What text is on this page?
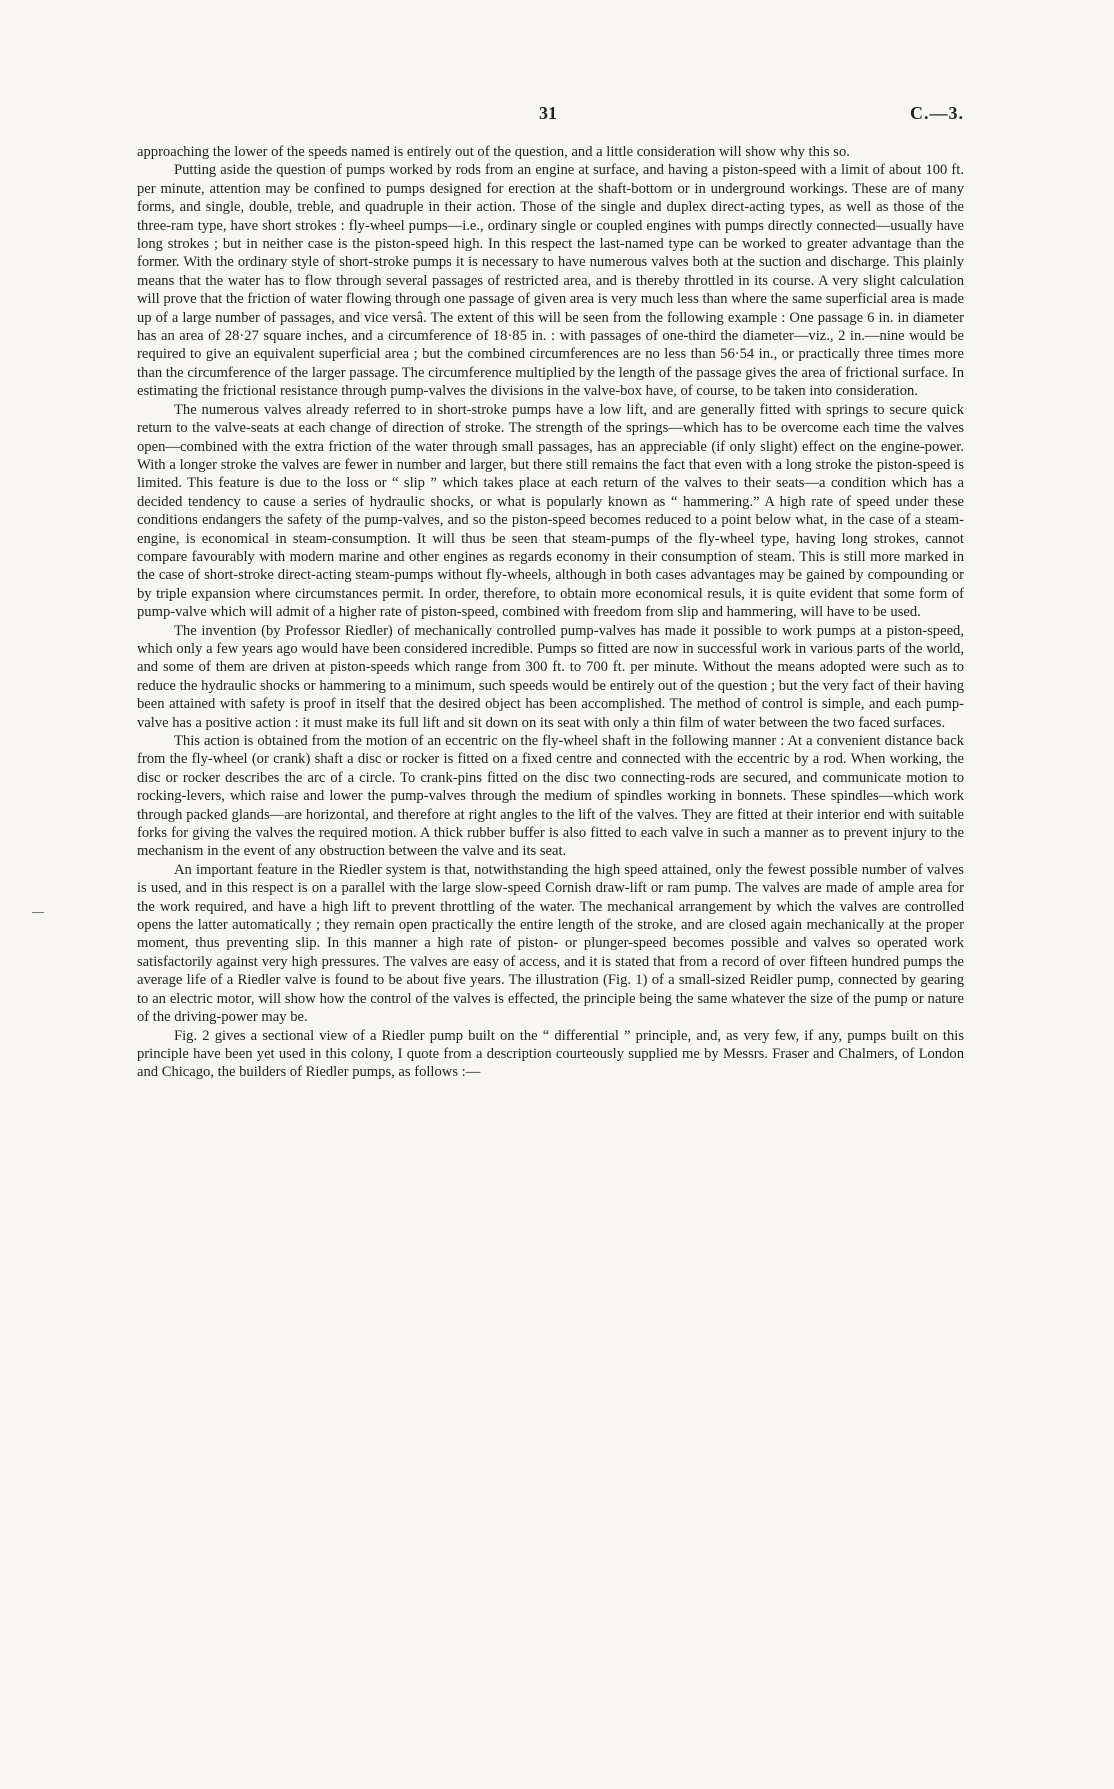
31	C.—3.

approaching the lower of the speeds named is entirely out of the question, and a little consideration will show why this so.

Putting aside the question of pumps worked by rods from an engine at surface, and having a piston-speed with a limit of about 100 ft. per minute, attention may be confined to pumps designed for erection at the shaft-bottom or in underground workings. These are of many forms, and single, double, treble, and quadruple in their action. Those of the single and duplex direct-acting types, as well as those of the three-ram type, have short strokes : fly-wheel pumps—i.e., ordinary single or coupled engines with pumps directly connected—usually have long strokes ; but in neither case is the piston-speed high. In this respect the last-named type can be worked to greater advantage than the former. With the ordinary style of short-stroke pumps it is necessary to have numerous valves both at the suction and discharge. This plainly means that the water has to flow through several passages of restricted area, and is thereby throttled in its course. A very slight calculation will prove that the friction of water flowing through one passage of given area is very much less than where the same superficial area is made up of a large number of passages, and vice versâ. The extent of this will be seen from the following example : One passage 6 in. in diameter has an area of 28·27 square inches, and a circumference of 18·85 in. : with passages of one-third the diameter—viz., 2 in.—nine would be required to give an equivalent superficial area ; but the combined circumferences are no less than 56·54 in., or practically three times more than the circumference of the larger passage. The circumference multiplied by the length of the passage gives the area of frictional surface. In estimating the frictional resistance through pump-valves the divisions in the valve-box have, of course, to be taken into consideration.

The numerous valves already referred to in short-stroke pumps have a low lift, and are generally fitted with springs to secure quick return to the valve-seats at each change of direction of stroke. The strength of the springs—which has to be overcome each time the valves open—combined with the extra friction of the water through small passages, has an appreciable (if only slight) effect on the engine-power. With a longer stroke the valves are fewer in number and larger, but there still remains the fact that even with a long stroke the piston-speed is limited. This feature is due to the loss or “ slip ” which takes place at each return of the valves to their seats—a condition which has a decided tendency to cause a series of hydraulic shocks, or what is popularly known as “ hammering.” A high rate of speed under these conditions endangers the safety of the pump-valves, and so the piston-speed becomes reduced to a point below what, in the case of a steam-engine, is economical in steam-consumption. It will thus be seen that steam-pumps of the fly-wheel type, having long strokes, cannot compare favourably with modern marine and other engines as regards economy in their consumption of steam. This is still more marked in the case of short-stroke direct-acting steam-pumps without fly-wheels, although in both cases advantages may be gained by compounding or by triple expansion where circumstances permit. In order, therefore, to obtain more economical resuls, it is quite evident that some form of pump-valve which will admit of a higher rate of piston-speed, combined with freedom from slip and hammering, will have to be used.

The invention (by Professor Riedler) of mechanically controlled pump-valves has made it possible to work pumps at a piston-speed, which only a few years ago would have been considered incredible. Pumps so fitted are now in successful work in various parts of the world, and some of them are driven at piston-speeds which range from 300 ft. to 700 ft. per minute. Without the means adopted were such as to reduce the hydraulic shocks or hammering to a minimum, such speeds would be entirely out of the question ; but the very fact of their having been attained with safety is proof in itself that the desired object has been accomplished. The method of control is simple, and each pump-valve has a positive action : it must make its full lift and sit down on its seat with only a thin film of water between the two faced surfaces.

This action is obtained from the motion of an eccentric on the fly-wheel shaft in the following manner : At a convenient distance back from the fly-wheel (or crank) shaft a disc or rocker is fitted on a fixed centre and connected with the eccentric by a rod. When working, the disc or rocker describes the arc of a circle. To crank-pins fitted on the disc two connecting-rods are secured, and communicate motion to rocking-levers, which raise and lower the pump-valves through the medium of spindles working in bonnets. These spindles—which work through packed glands—are horizontal, and therefore at right angles to the lift of the valves. They are fitted at their interior end with suitable forks for giving the valves the required motion. A thick rubber buffer is also fitted to each valve in such a manner as to prevent injury to the mechanism in the event of any obstruction between the valve and its seat.

An important feature in the Riedler system is that, notwithstanding the high speed attained, only the fewest possible number of valves is used, and in this respect is on a parallel with the large slow-speed Cornish draw-lift or ram pump. The valves are made of ample area for the work required, and have a high lift to prevent throttling of the water. The mechanical arrangement by which the valves are controlled opens the latter automatically ; they remain open practically the entire length of the stroke, and are closed again mechanically at the proper moment, thus preventing slip. In this manner a high rate of piston- or plunger-speed becomes possible and valves so operated work satisfactorily against very high pressures. The valves are easy of access, and it is stated that from a record of over fifteen hundred pumps the average life of a Riedler valve is found to be about five years. The illustration (Fig. 1) of a small-sized Reidler pump, connected by gearing to an electric motor, will show how the control of the valves is effected, the principle being the same whatever the size of the pump or nature of the driving-power may be.

Fig. 2 gives a sectional view of a Riedler pump built on the “ differential ” principle, and, as very few, if any, pumps built on this principle have been yet used in this colony, I quote from a description courteously supplied me by Messrs. Fraser and Chalmers, of London and Chicago, the builders of Riedler pumps, as follows :—
